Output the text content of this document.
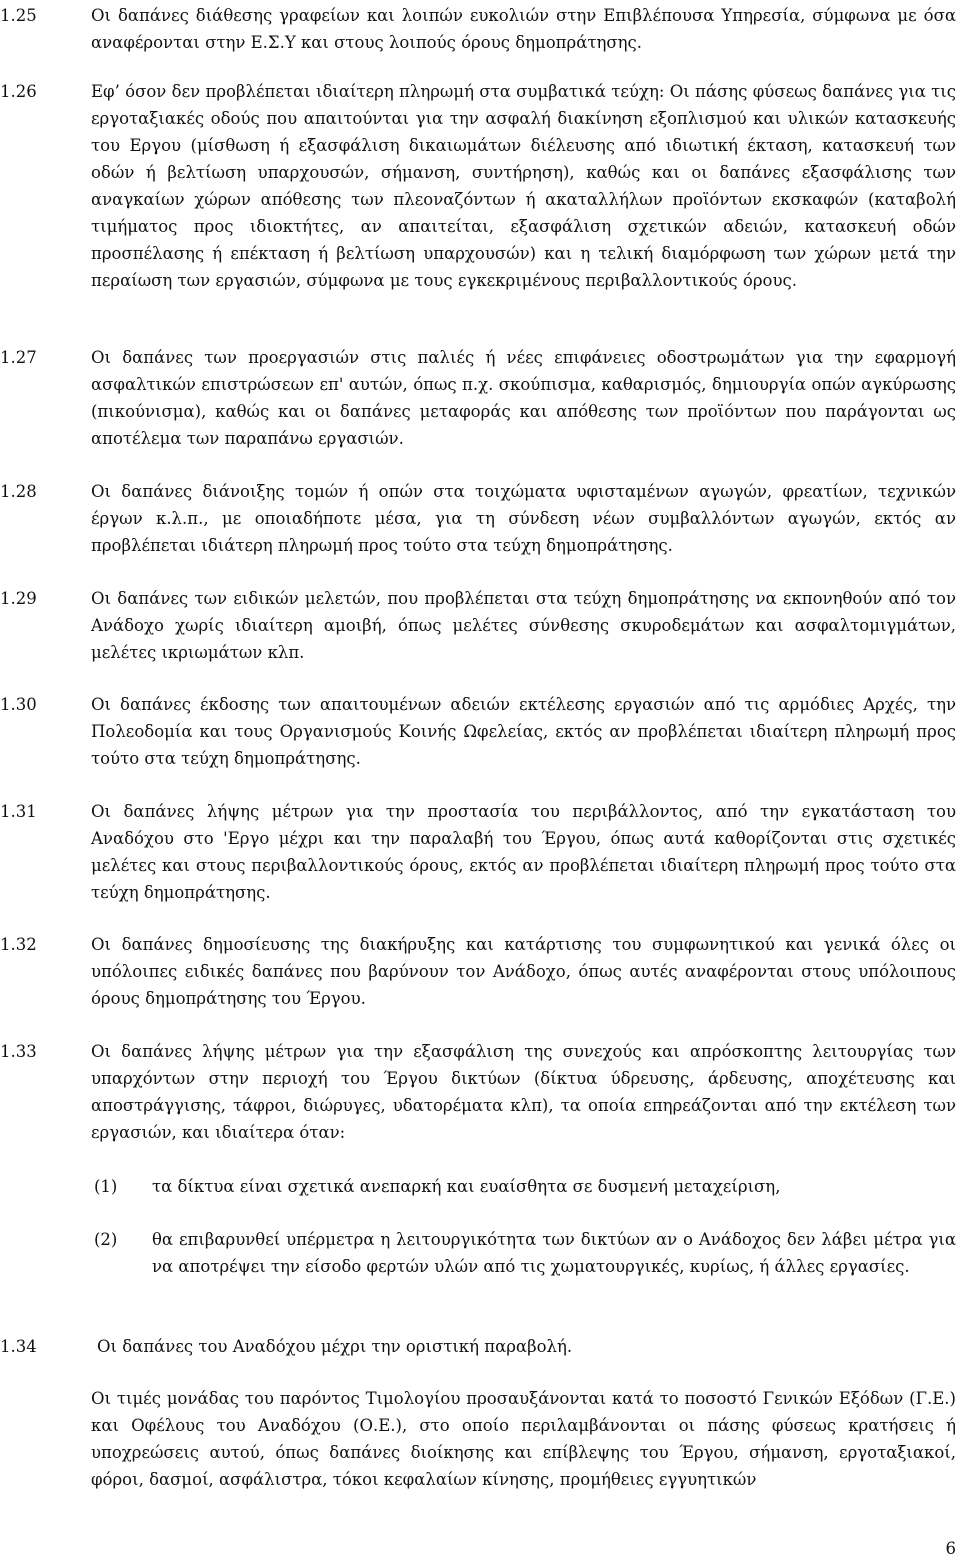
1.25	Οι δαπάνες διάθεσης γραφείων και λοιπών ευκολιών στην Επιβλέπουσα Υπηρεσία, σύμφωνα με όσα αναφέρονται στην Ε.Σ.Υ και στους λοιπούς όρους δημοπράτησης.
1.26	Εφ’ όσον δεν προβλέπεται ιδιαίτερη πληρωμή στα συμβατικά τεύχη: Οι πάσης φύσεως δαπάνες για τις εργοταξιακές οδούς που απαιτούνται για την ασφαλή διακίνηση εξοπλισμού και υλικών κατασκευής του Εργου (μίσθωση ή εξασφάλιση δικαιωμάτων διέλευσης από ιδιωτική έκταση, κατασκευή των οδών ή βελτίωση υπαρχουσών, σήμανση, συντήρηση), καθώς και οι δαπάνες εξασφάλισης των αναγκαίων χώρων απόθεσης των πλεοναζόντων ή ακαταλλήλων προϊόντων εκσκαφών (καταβολή τιμήματος προς ιδιοκτήτες, αν απαιτείται, εξασφάλιση σχετικών αδειών, κατασκευή οδών προσπέλασης ή επέκταση ή βελτίωση υπαρχουσών) και η τελική διαμόρφωση των χώρων μετά την περαίωση των εργασιών, σύμφωνα με τους εγκεκριμένους περιβαλλοντικούς όρους.
1.27	Οι δαπάνες των προεργασιών στις παλιές ή νέες επιφάνειες οδοστρωμάτων για την εφαρμογή ασφαλτικών επιστρώσεων επ' αυτών, όπως π.χ. σκούπισμα, καθαρισμός, δημιουργία οπών αγκύρωσης (πικούνισμα), καθώς και οι δαπάνες μεταφοράς και απόθεσης των προϊόντων που παράγονται ως αποτέλεμα των παραπάνω εργασιών.
1.28	Οι δαπάνες διάνοιξης τομών ή οπών στα τοιχώματα υφισταμένων αγωγών, φρεατίων, τεχνικών έργων κ.λ.π., με οποιαδήποτε μέσα, για τη σύνδεση νέων συμβαλλόντων αγωγών, εκτός αν προβλέπεται ιδιάτερη πληρωμή προς τούτο στα τεύχη δημοπράτησης.
1.29	Οι δαπάνες των ειδικών μελετών, που προβλέπεται στα τεύχη δημοπράτησης να εκπονηθούν από τον Ανάδοχο χωρίς ιδιαίτερη αμοιβή, όπως μελέτες σύνθεσης σκυροδεμάτων και ασφαλτομιγμάτων, μελέτες ικριωμάτων κλπ.
1.30	Οι δαπάνες έκδοσης των απαιτουμένων αδειών εκτέλεσης εργασιών από τις αρμόδιες Αρχές, την Πολεοδομία και τους Οργανισμούς Κοινής Ωφελείας, εκτός αν προβλέπεται ιδιαίτερη πληρωμή προς τούτο στα τεύχη δημοπράτησης.
1.31	Οι δαπάνες λήψης μέτρων για την προστασία του περιβάλλοντος, από την εγκατάσταση του Αναδόχου στο 'Εργο μέχρι και την παραλαβή του Έργου, όπως αυτά καθορίζονται στις σχετικές μελέτες και στους περιβαλλοντικούς όρους, εκτός αν προβλέπεται ιδιαίτερη πληρωμή προς τούτο στα τεύχη δημοπράτησης.
1.32	Οι δαπάνες δημοσίευσης της διακήρυξης και κατάρτισης του συμφωνητικού και γενικά όλες οι υπόλοιπες ειδικές δαπάνες που βαρύνουν τον Ανάδοχο, όπως αυτές αναφέρονται στους υπόλοιπους όρους δημοπράτησης του Έργου.
1.33	Οι δαπάνες λήψης μέτρων για την εξασφάλιση της συνεχούς και απρόσκοπτης λειτουργίας των υπαρχόντων στην περιοχή του Έργου δικτύων (δίκτυα ύδρευσης, άρδευσης, αποχέτευσης και αποστράγγισης, τάφροι, διώρυγες, υδατορέματα κλπ), τα οποία επηρεάζονται από την εκτέλεση των εργασιών, και ιδιαίτερα όταν:
(1) τα δίκτυα είναι σχετικά ανεπαρκή και ευαίσθητα σε δυσμενή μεταχείριση,
(2) θα επιβαρυνθεί υπέρμετρα η λειτουργικότητα των δικτύων αν ο Ανάδοχος δεν λάβει μέτρα για να αποτρέψει την είσοδο φερτών υλών από τις χωματουργικές, κυρίως, ή άλλες εργασίες.
1.34	Οι δαπάνες του Αναδόχου μέχρι την οριστική παραβολή.
Οι τιμές μονάδας του παρόντος Τιμολογίου προσαυξάνονται κατά το ποσοστό Γενικών Εξόδων (Γ.Ε.) και Οφέλους του Αναδόχου (Ο.Ε.), στο οποίο περιλαμβάνονται οι πάσης φύσεως κρατήσεις ή υποχρεώσεις αυτού, όπως δαπάνες διοίκησης και επίβλεψης του Έργου, σήμανση, εργοταξιακοί, φόροι, δασμοί, ασφάλιστρα, τόκοι κεφαλαίων κίνησης, προμήθειες εγγυητικών
6
